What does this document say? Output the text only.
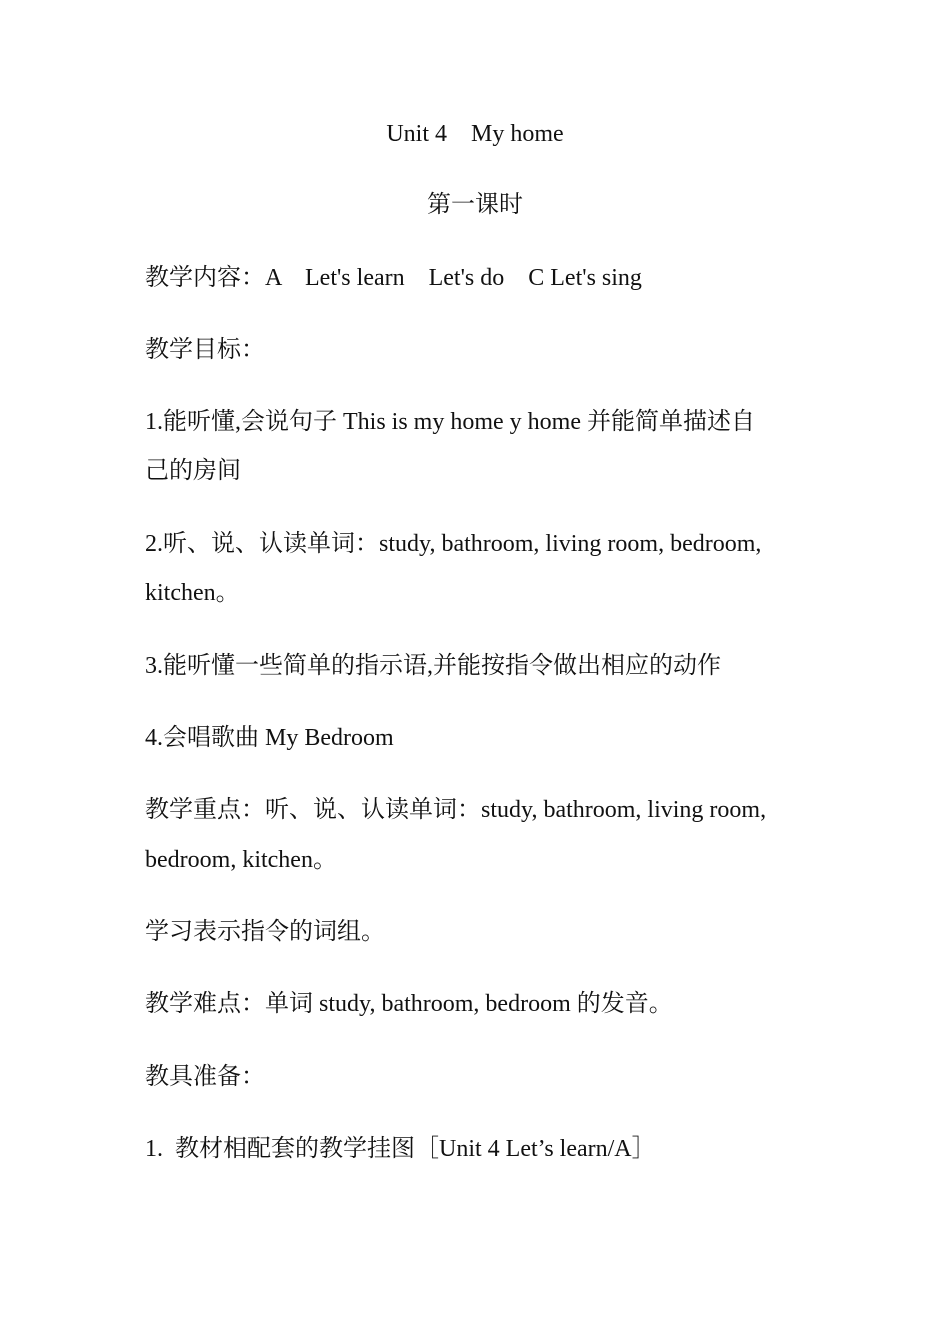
Unit 4    My home
第一课时
教学内容：A    Let's learn    Let's do    C Let's sing
教学目标：
1.能听懂,会说句子 This is my home y home 并能简单描述自
己的房间
2.听、说、认读单词：study, bathroom, living room, bedroom,
kitchen。
3.能听懂一些简单的指示语,并能按指令做出相应的动作
4.会唱歌曲 My Bedroom
教学重点：听、说、认读单词：study, bathroom, living room,
bedroom, kitchen。
学习表示指令的词组。
教学难点：单词 study, bathroom, bedroom 的发音。
教具准备：
1.  教材相配套的教学挂图［Unit 4 Let’s learn/A］
